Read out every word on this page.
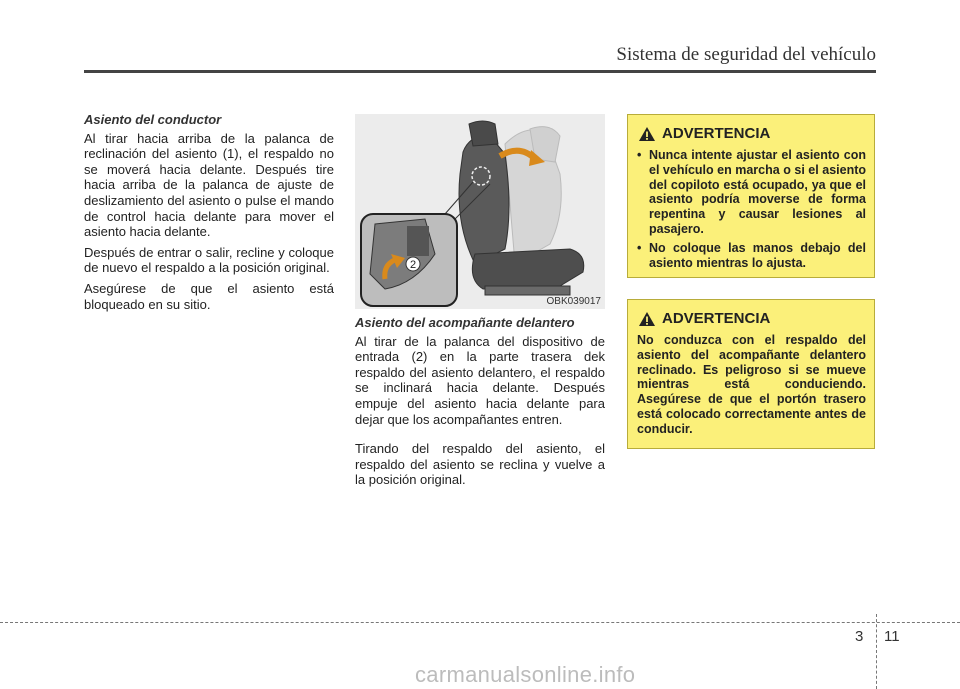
Sistema de seguridad del vehículo
Asiento del conductor

Al tirar hacia arriba de la palanca de reclinación del asiento (1), el respaldo no se moverá hacia delante. Después tire hacia arriba de la palanca de ajuste de deslizamiento del asiento o pulse el mando de control hacia delante para mover el asiento hacia delante.

Después de entrar o salir, recline y coloque de nuevo el respaldo a la posición original.

Asegúrese de que el asiento está bloqueado en su sitio.

2
OBK039017
Asiento del acompañante delantero

Al tirar de la palanca del dispositivo de entrada (2) en la parte trasera dek respaldo del asiento delantero, el respaldo se inclinará hacia delante. Después empuje del asiento hacia delante para dejar que los acompañantes entren.

Tirando del respaldo del asiento, el respaldo del asiento se reclina y vuelve a la posición original.

ADVERTENCIA
• Nunca intente ajustar el asiento con el vehículo en marcha o si el asiento del copiloto está ocupado, ya que el asiento podría moverse de forma repentina y causar lesiones al pasajero.
• No coloque las manos debajo del asiento mientras lo ajusta.
ADVERTENCIA

No conduzca con el respaldo del asiento del acompañante delantero reclinado. Es peligroso si se mueve mientras está conduciendo. Asegúrese de que el portón trasero está colocado correctamente antes de conducir.

3 11
carmanualsonline.info
